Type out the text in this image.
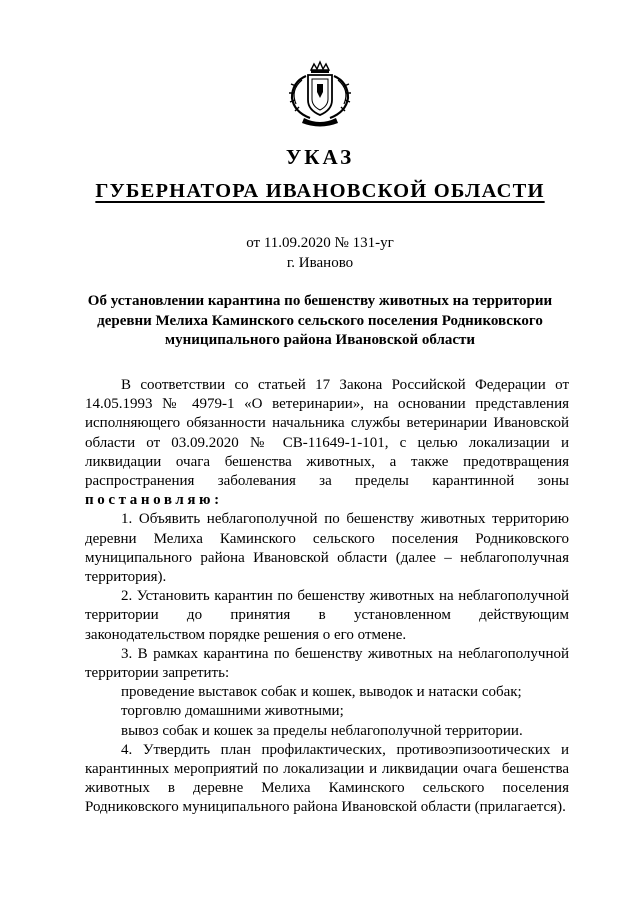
УКАЗ
ГУБЕРНАТОРА ИВАНОВСКОЙ ОБЛАСТИ
от 11.09.2020 № 131-уг
г. Иваново
Об установлении карантина по бешенству животных на территории деревни Мелиха Каминского сельского поселения Родниковского муниципального района Ивановской области

В соответствии со статьей 17 Закона Российской Федерации от 14.05.1993 № 4979-1 «О ветеринарии», на основании представления исполняющего обязанности начальника службы ветеринарии Ивановской области от 03.09.2020 № СВ-11649-1-101, с целью локализации и ликвидации очага бешенства животных, а также предотвращения распространения заболевания за пределы карантинной зоны постановляю:

1. Объявить неблагополучной по бешенству животных территорию деревни Мелиха Каминского сельского поселения Родниковского муниципального района Ивановской области (далее – неблагополучная территория).

2. Установить карантин по бешенству животных на неблагополучной территории до принятия в установленном действующим законодательством порядке решения о его отмене.

3. В рамках карантина по бешенству животных на неблагополучной территории запретить:

проведение выставок собак и кошек, выводок и натаски собак;

торговлю домашними животными;

вывоз собак и кошек за пределы неблагополучной территории.

4. Утвердить план профилактических, противоэпизоотических и карантинных мероприятий по локализации и ликвидации очага бешенства животных в деревне Мелиха Каминского сельского поселения Родниковского муниципального района Ивановской области (прилагается).
